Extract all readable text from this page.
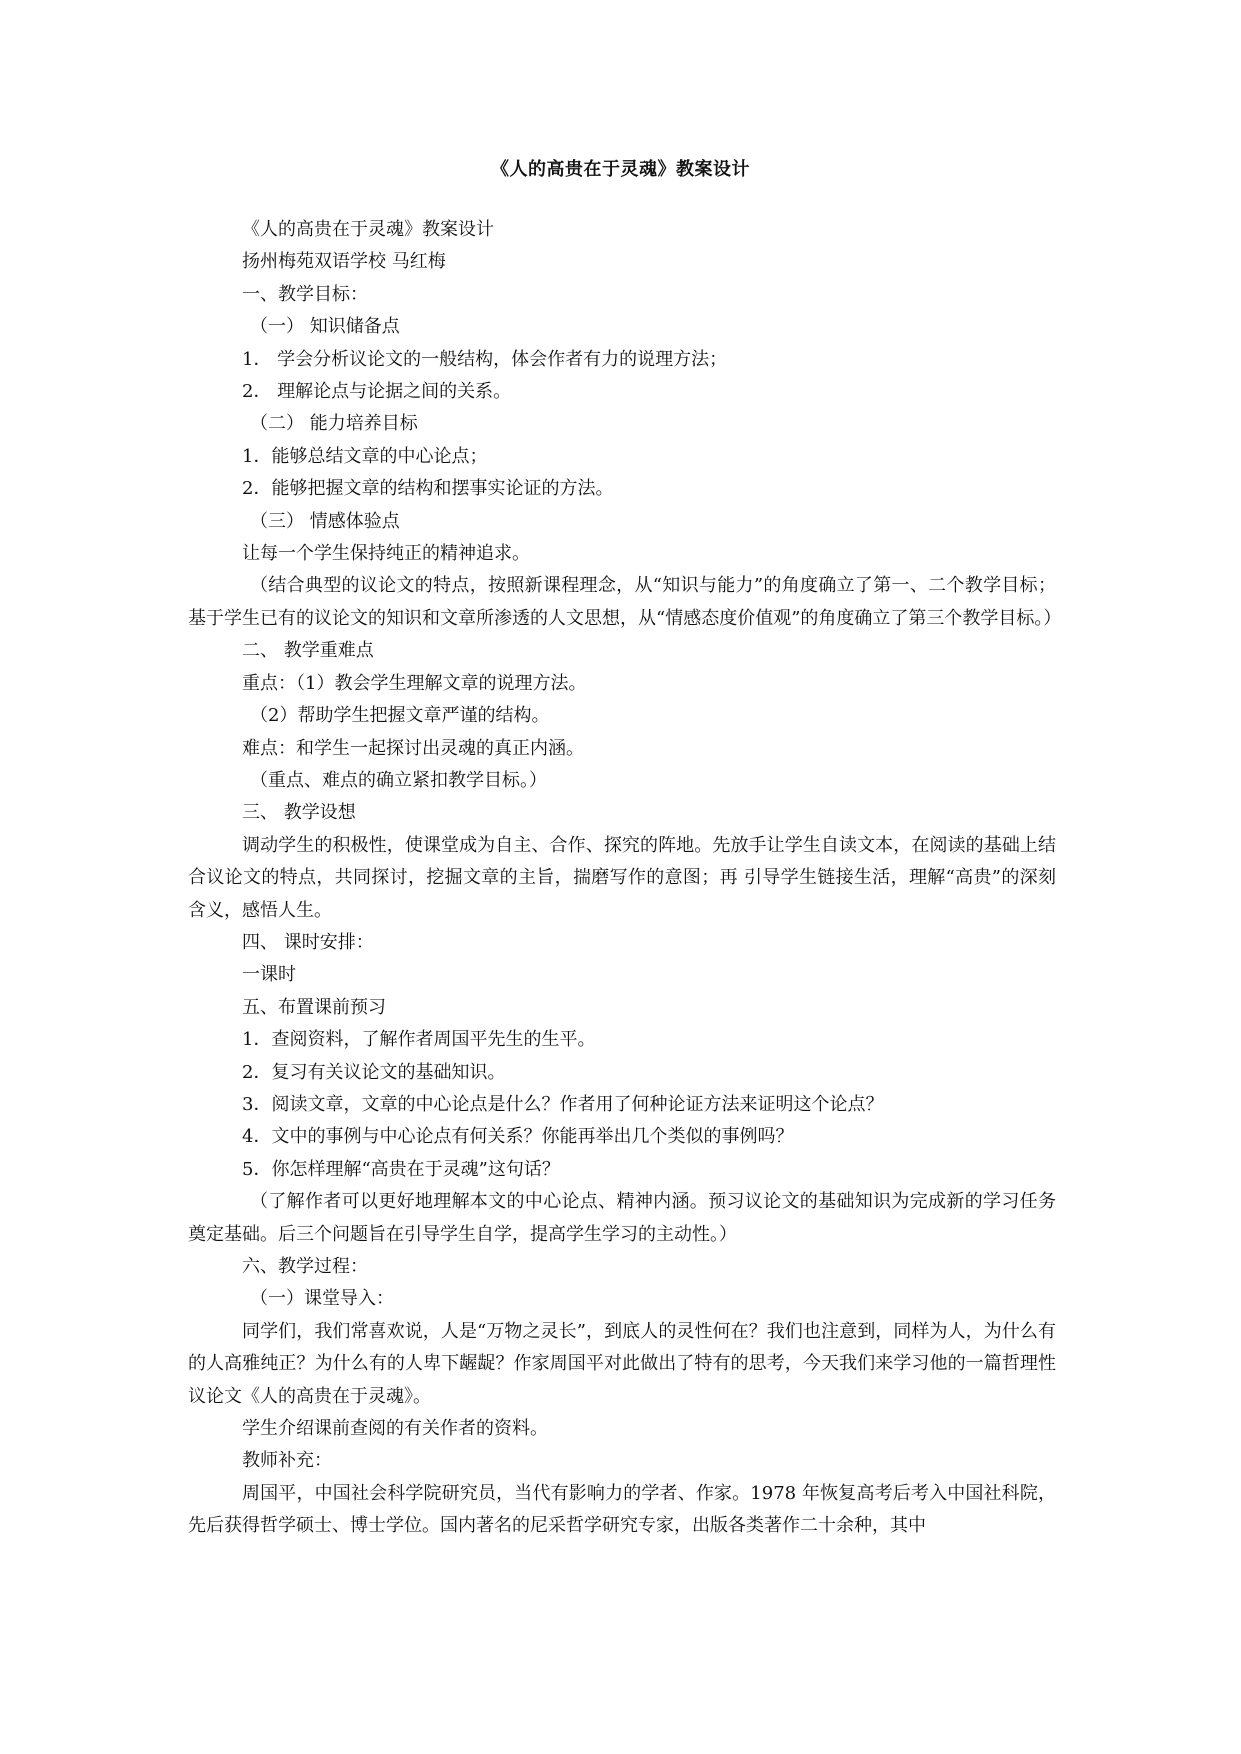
《人的高贵在于灵魂》教案设计

《人的高贵在于灵魂》教案设计

扬州梅苑双语学校 马红梅

一、教学目标：

（一） 知识储备点

1． 学会分析议论文的一般结构，体会作者有力的说理方法；

2． 理解论点与论据之间的关系。

（二） 能力培养目标

1．能够总结文章的中心论点；

2．能够把握文章的结构和摆事实论证的方法。

（三） 情感体验点

让每一个学生保持纯正的精神追求。

（结合典型的议论文的特点，按照新课程理念，从“知识与能力”的角度确立了第一、二个教学目标；基于学生已有的议论文的知识和文章所渗透的人文思想，从“情感态度价值观”的角度确立了第三个教学目标。）

二、 教学重难点

重点：（1）教会学生理解文章的说理方法。

（2）帮助学生把握文章严谨的结构。

难点：和学生一起探讨出灵魂的真正内涵。

（重点、难点的确立紧扣教学目标。）

三、 教学设想

调动学生的积极性，使课堂成为自主、合作、探究的阵地。先放手让学生自读文本，在阅读的基础上结合议论文的特点，共同探讨，挖掘文章的主旨，揣磨写作的意图；再 引导学生链接生活，理解“高贵”的深刻含义，感悟人生。

四、 课时安排：

一课时

五、布置课前预习

1．查阅资料，了解作者周国平先生的生平。

2．复习有关议论文的基础知识。

3．阅读文章，文章的中心论点是什么？作者用了何种论证方法来证明这个论点？

4．文中的事例与中心论点有何关系？你能再举出几个类似的事例吗？

5．你怎样理解“高贵在于灵魂”这句话？

（了解作者可以更好地理解本文的中心论点、精神内涵。预习议论文的基础知识为完成新的学习任务奠定基础。后三个问题旨在引导学生自学，提高学生学习的主动性。）

六、教学过程：

（一）课堂导入：

同学们，我们常喜欢说，人是“万物之灵长”，到底人的灵性何在？我们也注意到，同样为人，为什么有的人高雅纯正？为什么有的人卑下龌龊？作家周国平对此做出了特有的思考，今天我们来学习他的一篇哲理性议论文《人的高贵在于灵魂》。

学生介绍课前查阅的有关作者的资料。

教师补充：

周国平，中国社会科学院研究员，当代有影响力的学者、作家。1978 年恢复高考后考入中国社科院，先后获得哲学硕士、博士学位。国内著名的尼采哲学研究专家，出版各类著作二十余种，其中
